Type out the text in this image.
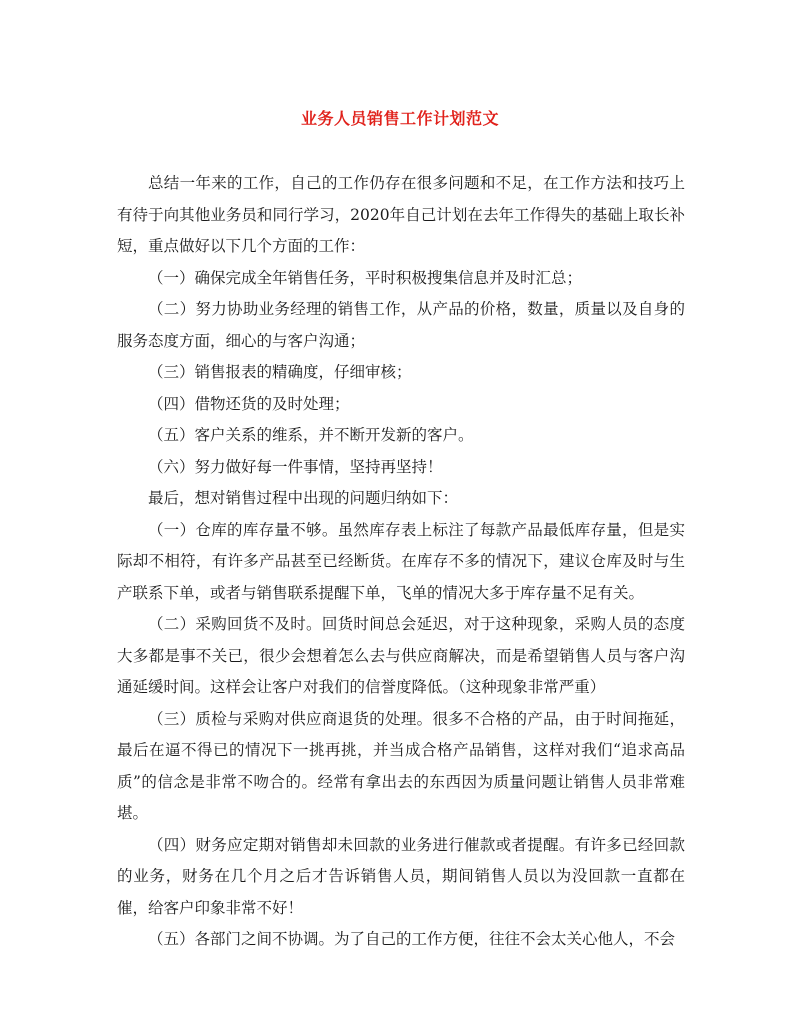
业务人员销售工作计划范文

总结一年来的工作，自己的工作仍存在很多问题和不足，在工作方法和技巧上有待于向其他业务员和同行学习，2020年自己计划在去年工作得失的基础上取长补短，重点做好以下几个方面的工作：

（一）确保完成全年销售任务，平时积极搜集信息并及时汇总；

（二）努力协助业务经理的销售工作，从产品的价格，数量，质量以及自身的服务态度方面，细心的与客户沟通；

（三）销售报表的精确度，仔细审核；

（四）借物还货的及时处理；

（五）客户关系的维系，并不断开发新的客户。

（六）努力做好每一件事情，坚持再坚持！

最后，想对销售过程中出现的问题归纳如下：

（一）仓库的库存量不够。虽然库存表上标注了每款产品最低库存量，但是实际却不相符，有许多产品甚至已经断货。在库存不多的情况下，建议仓库及时与生产联系下单，或者与销售联系提醒下单，飞单的情况大多于库存量不足有关。

（二）采购回货不及时。回货时间总会延迟，对于这种现象，采购人员的态度大多都是事不关已，很少会想着怎么去与供应商解决，而是希望销售人员与客户沟通延缓时间。这样会让客户对我们的信誉度降低。（这种现象非常严重）

（三）质检与采购对供应商退货的处理。很多不合格的产品，由于时间拖延，最后在逼不得已的情况下一挑再挑，并当成合格产品销售，这样对我们“追求高品质”的信念是非常不吻合的。经常有拿出去的东西因为质量问题让销售人员非常难堪。

（四）财务应定期对销售却未回款的业务进行催款或者提醒。有许多已经回款的业务，财务在几个月之后才告诉销售人员，期间销售人员以为没回款一直都在催，给客户印象非常不好！

（五）各部门之间不协调。为了自己的工作方便，往往不会太关心他人，不会
